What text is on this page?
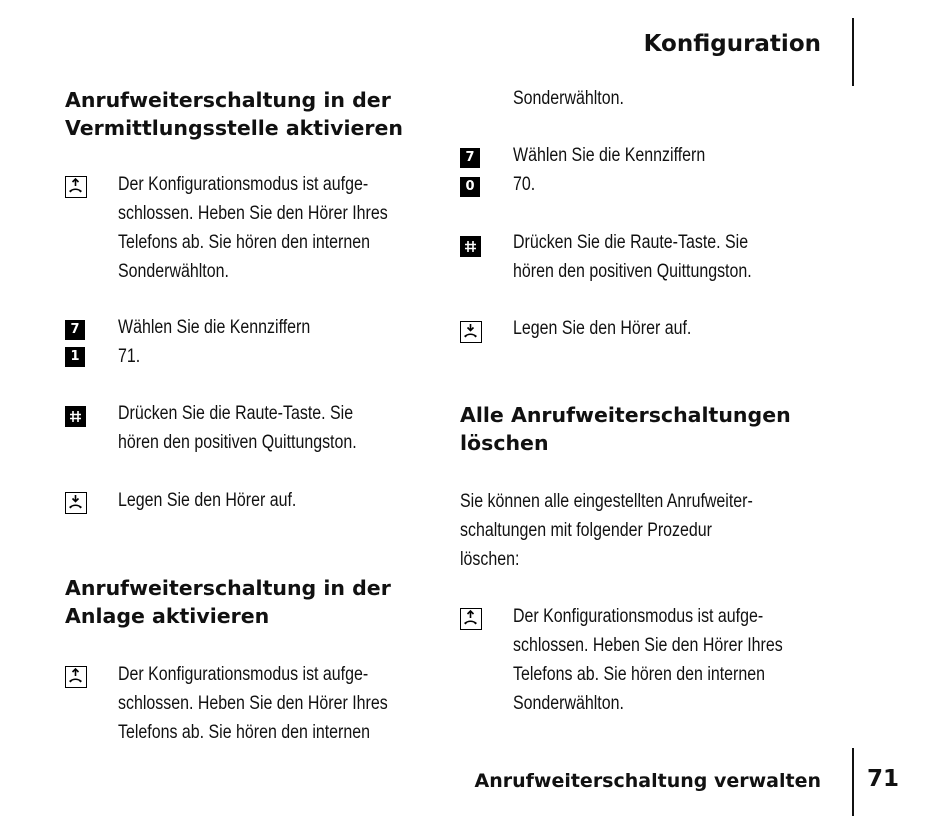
Konfiguration
Anrufweiterschaltung in der
Vermittlungsstelle aktivieren
Der Konfigurationsmodus ist aufge-
schlossen. Heben Sie den Hörer Ihres
Telefons ab. Sie hören den internen
Sonderwählton.
7
1
Wählen Sie die Kennziffern
71.
Drücken Sie die Raute-Taste. Sie
hören den positiven Quittungston.
Legen Sie den Hörer auf.
Anrufweiterschaltung in der
Anlage aktivieren
Der Konfigurationsmodus ist aufge-
schlossen. Heben Sie den Hörer Ihres
Telefons ab. Sie hören den internen
Sonderwählton.
7
0
Wählen Sie die Kennziffern
70.
Drücken Sie die Raute-Taste. Sie
hören den positiven Quittungston.
Legen Sie den Hörer auf.
Alle Anrufweiterschaltungen
löschen
Sie können alle eingestellten Anrufweiter-
schaltungen mit folgender Prozedur
löschen:
Der Konfigurationsmodus ist aufge-
schlossen. Heben Sie den Hörer Ihres
Telefons ab. Sie hören den internen
Sonderwählton.
Anrufweiterschaltung verwalten 71
